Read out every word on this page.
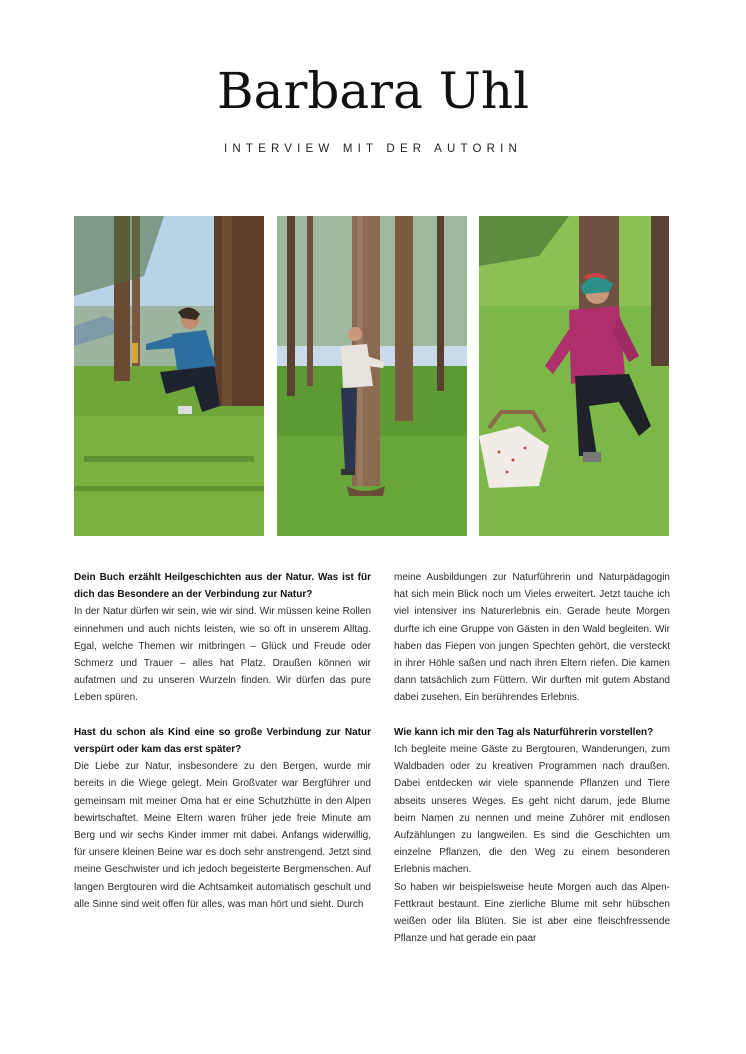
Barbara Uhl
INTERVIEW MIT DER AUTORIN

Dein Buch erzählt Heilgeschichten aus der Natur. Was ist für dich das Besondere an der Verbindung zur Natur?

In der Natur dürfen wir sein, wie wir sind. Wir müssen keine Rollen einnehmen und auch nichts leisten, wie so oft in unserem Alltag. Egal, welche Themen wir mitbringen – Glück und Freude oder Schmerz und Trauer – alles hat Platz. Draußen können wir aufatmen und zu unseren Wurzeln finden. Wir dürfen das pure Leben spüren.

Hast du schon als Kind eine so große Verbindung zur Natur verspürt oder kam das erst später?

Die Liebe zur Natur, insbesondere zu den Bergen, wurde mir bereits in die Wiege gelegt. Mein Großvater war Bergführer und gemeinsam mit meiner Oma hat er eine Schutzhütte in den Alpen bewirtschaftet. Meine Eltern waren früher jede freie Minute am Berg und wir sechs Kinder immer mit dabei. Anfangs widerwillig, für unsere kleinen Beine war es doch sehr anstrengend. Jetzt sind meine Geschwister und ich jedoch begeisterte Bergmenschen. Auf langen Bergtouren wird die Achtsamkeit automatisch geschult und alle Sinne sind weit offen für alles, was man hört und sieht. Durch

meine Ausbildungen zur Naturführerin und Naturpädagogin hat sich mein Blick noch um Vieles erweitert. Jetzt tauche ich viel intensiver ins Naturerlebnis ein. Gerade heute Morgen durfte ich eine Gruppe von Gästen in den Wald begleiten. Wir haben das Fiepen von jungen Spechten gehört, die versteckt in ihrer Höhle saßen und nach ihren Eltern riefen. Die kamen dann tatsächlich zum Füttern. Wir durften mit gutem Abstand dabei zusehen. Ein berührendes Erlebnis.

Wie kann ich mir den Tag als Naturführerin vorstellen?

Ich begleite meine Gäste zu Bergtouren, Wanderungen, zum Waldbaden oder zu kreativen Programmen nach draußen. Dabei entdecken wir viele spannende Pflanzen und Tiere abseits unseres Weges. Es geht nicht darum, jede Blume beim Namen zu nennen und meine Zuhörer mit endlosen Aufzählungen zu langweilen. Es sind die Geschichten um einzelne Pflanzen, die den Weg zu einem besonderen Erlebnis machen.

So haben wir beispielsweise heute Morgen auch das Alpen-Fettkraut bestaunt. Eine zierliche Blume mit sehr hübschen weißen oder lila Blüten. Sie ist aber eine fleischfressende Pflanze und hat gerade ein paar
